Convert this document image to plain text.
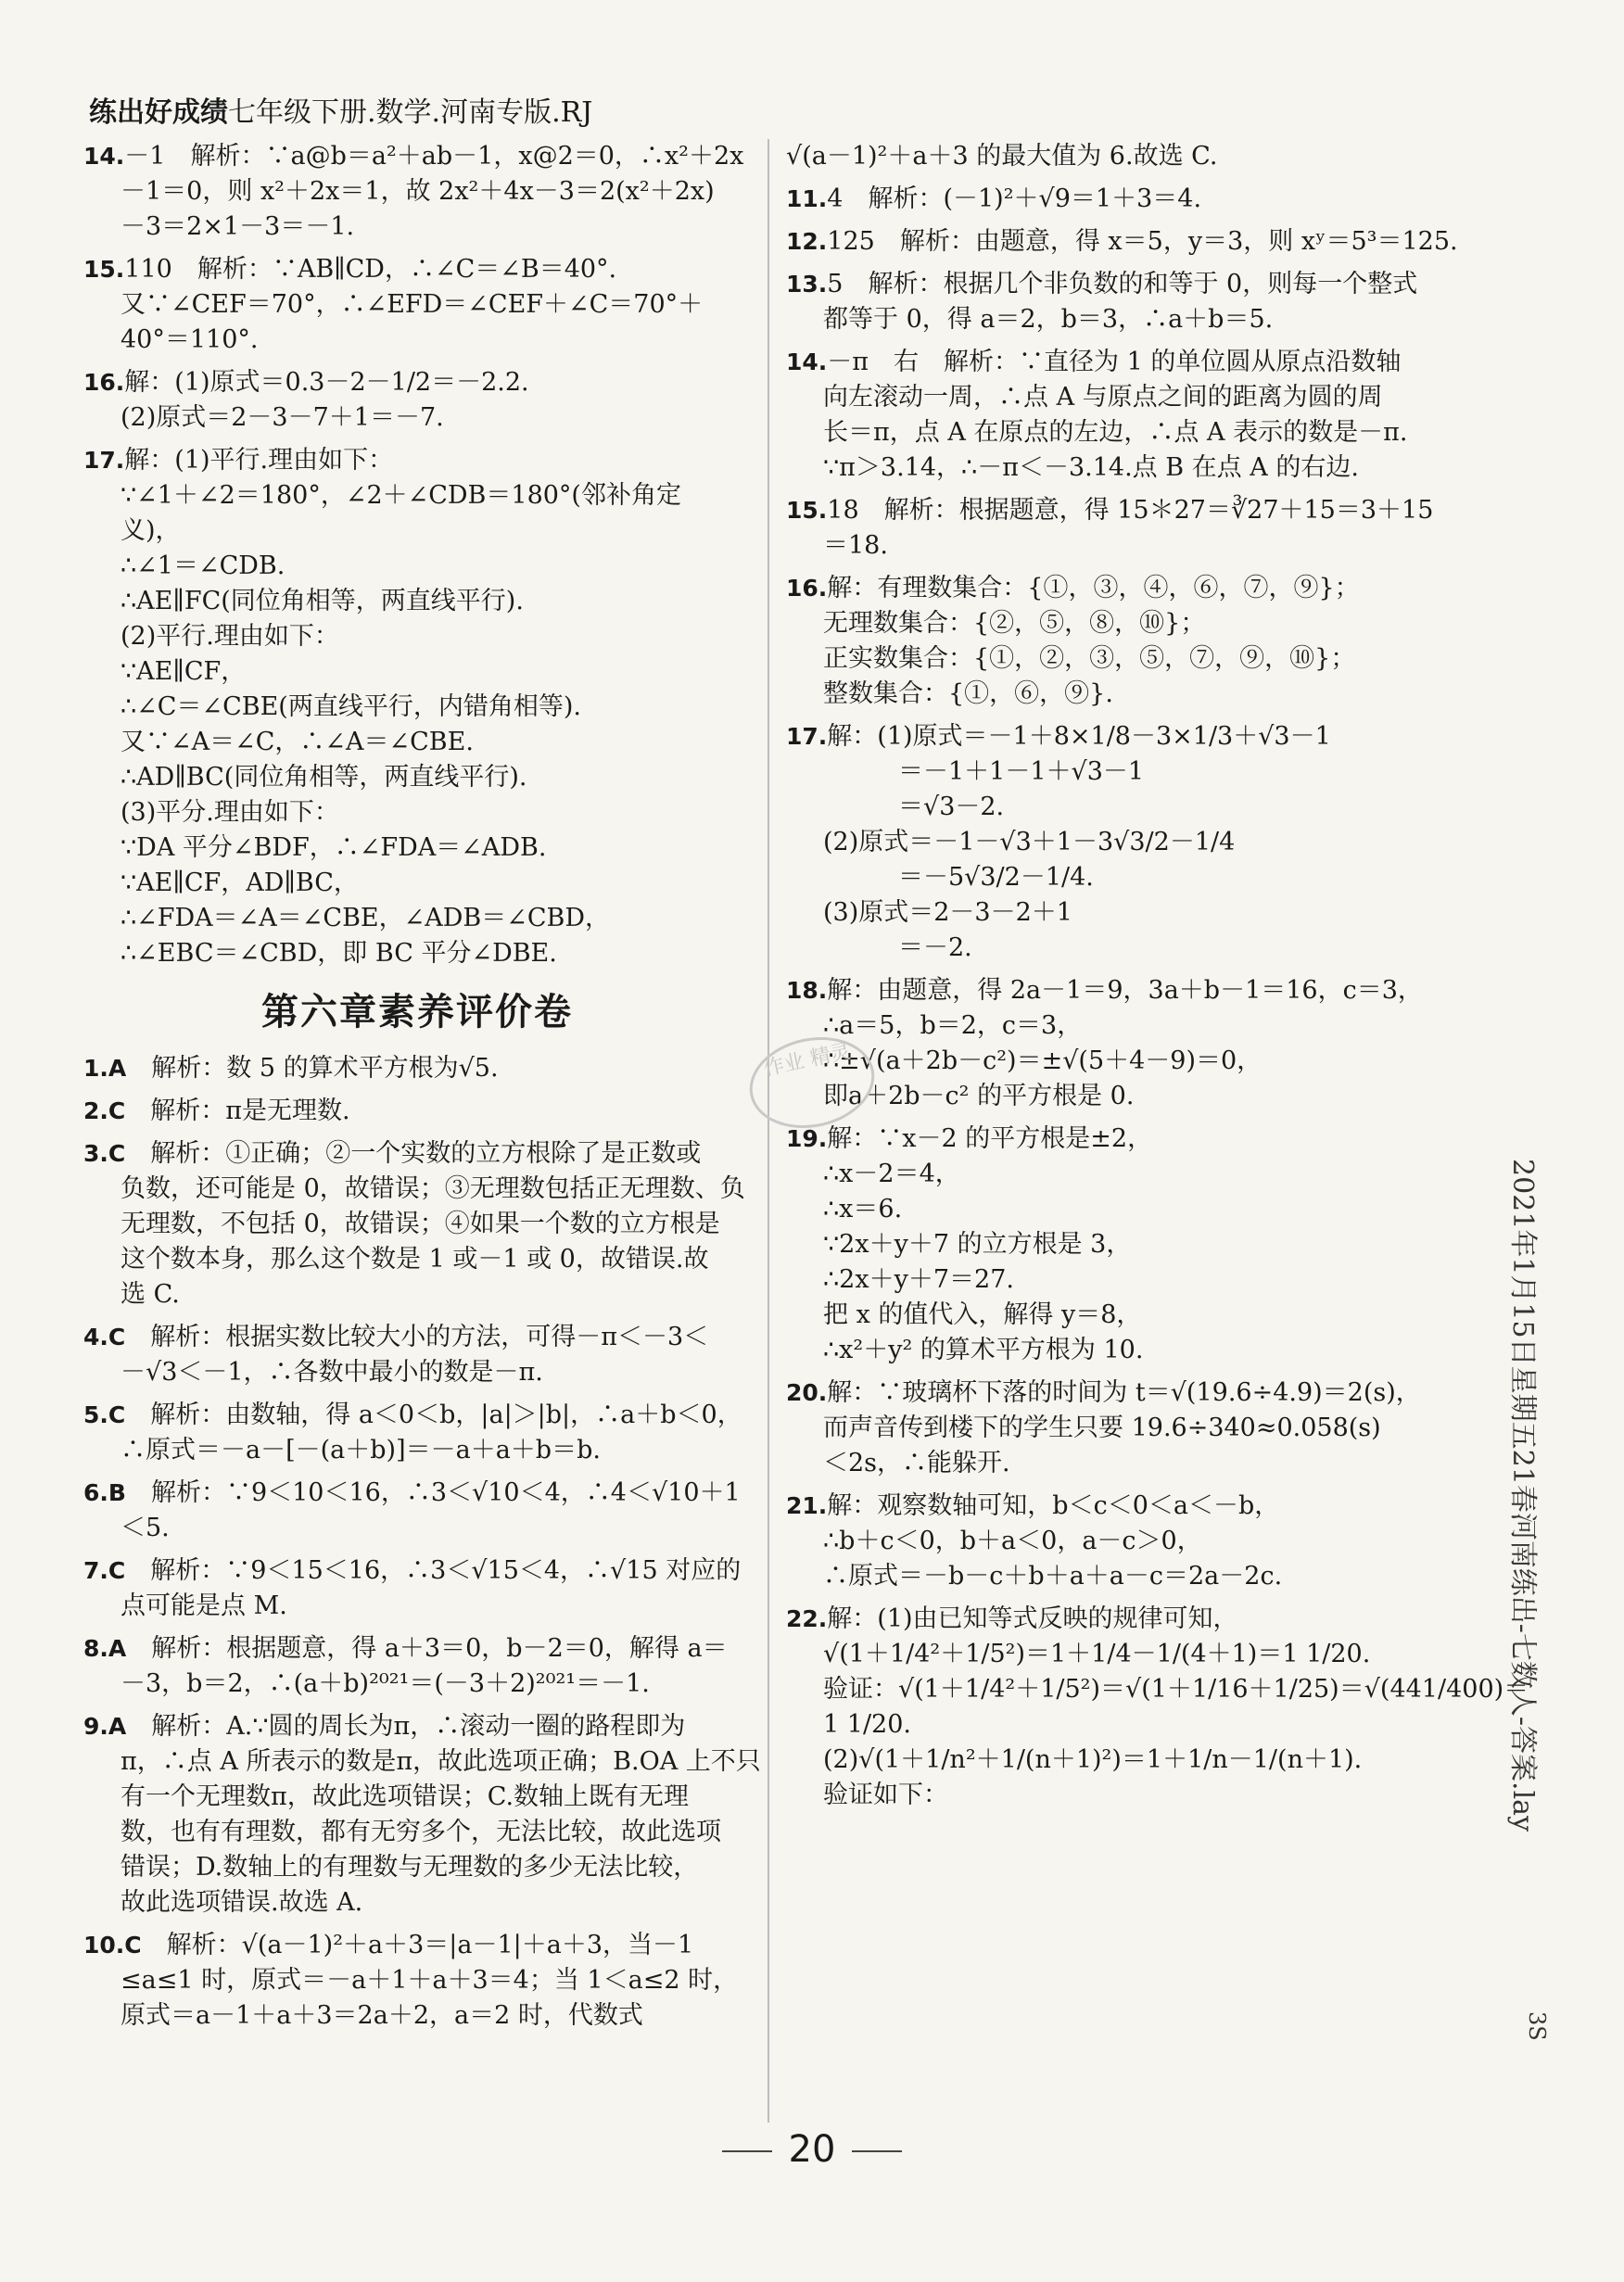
练出好成绩七年级下册.数学.河南专版.RJ
14.－1　解析：∵a@b＝a²＋ab－1，x@2＝0，∴x²＋2x
－1＝0，则 x²＋2x＝1，故 2x²＋4x－3＝2(x²＋2x)
－3＝2×1－3＝－1.
15.110　解析：∵AB∥CD，∴∠C＝∠B＝40°.
又∵∠CEF＝70°，∴∠EFD＝∠CEF＋∠C＝70°＋
40°＝110°.
16.解：(1)原式＝0.3－2－1/2＝－2.2.
(2)原式＝2－3－7＋1＝－7.
17.解：(1)平行.理由如下：
∵∠1＋∠2＝180°，∠2＋∠CDB＝180°(邻补角定
义)，
∴∠1＝∠CDB.
∴AE∥FC(同位角相等，两直线平行).
(2)平行.理由如下：
∵AE∥CF，
∴∠C＝∠CBE(两直线平行，内错角相等).
又∵∠A＝∠C，∴∠A＝∠CBE.
∴AD∥BC(同位角相等，两直线平行).
(3)平分.理由如下：
∵DA 平分∠BDF，∴∠FDA＝∠ADB.
∵AE∥CF，AD∥BC，
∴∠FDA＝∠A＝∠CBE，∠ADB＝∠CBD，
∴∠EBC＝∠CBD，即 BC 平分∠DBE.
第六章素养评价卷
1.A　解析：数 5 的算术平方根为√5.
2.C　解析：π是无理数.
3.C　解析：①正确；②一个实数的立方根除了是正数或
负数，还可能是 0，故错误；③无理数包括正无理数、负
无理数，不包括 0，故错误；④如果一个数的立方根是
这个数本身，那么这个数是 1 或－1 或 0，故错误.故
选 C.
4.C　解析：根据实数比较大小的方法，可得－π＜－3＜
－√3＜－1，∴各数中最小的数是－π.
5.C　解析：由数轴，得 a＜0＜b，|a|＞|b|，∴a＋b＜0，
∴原式＝－a－[－(a＋b)]＝－a＋a＋b＝b.
6.B　解析：∵9＜10＜16，∴3＜√10＜4，∴4＜√10＋1
＜5.
7.C　解析：∵9＜15＜16，∴3＜√15＜4，∴√15 对应的
点可能是点 M.
8.A　解析：根据题意，得 a＋3＝0，b－2＝0，解得 a＝
－3，b＝2，∴(a＋b)²⁰²¹＝(－3＋2)²⁰²¹＝－1.
9.A　解析：A.∵圆的周长为π，∴滚动一圈的路程即为
π，∴点 A 所表示的数是π，故此选项正确；B.OA 上不只
有一个无理数π，故此选项错误；C.数轴上既有无理
数，也有有理数，都有无穷多个，无法比较，故此选项
错误；D.数轴上的有理数与无理数的多少无法比较，
故此选项错误.故选 A.
10.C　解析：√(a－1)²＋a＋3＝|a－1|＋a＋3，当－1
≤a≤1 时，原式＝－a＋1＋a＋3＝4；当 1＜a≤2 时，
原式＝a－1＋a＋3＝2a＋2，a＝2 时，代数式
√(a－1)²＋a＋3 的最大值为 6.故选 C.
11.4　解析：(－1)²＋√9＝1＋3＝4.
12.125　解析：由题意，得 x＝5，y＝3，则 xʸ＝5³＝125.
13.5　解析：根据几个非负数的和等于 0，则每一个整式
都等于 0，得 a＝2，b＝3，∴a＋b＝5.
14.－π　右　解析：∵直径为 1 的单位圆从原点沿数轴
向左滚动一周，∴点 A 与原点之间的距离为圆的周
长＝π，点 A 在原点的左边，∴点 A 表示的数是－π.
∵π＞3.14，∴－π＜－3.14.点 B 在点 A 的右边.
15.18　解析：根据题意，得 15＊27＝∛27＋15＝3＋15
＝18.
16.解：有理数集合：{①，③，④，⑥，⑦，⑨}；
无理数集合：{②，⑤，⑧，⑩}；
正实数集合：{①，②，③，⑤，⑦，⑨，⑩}；
整数集合：{①，⑥，⑨}.
17.解：(1)原式＝－1＋8×1/8－3×1/3＋√3－1
　　　＝－1＋1－1＋√3－1
　　　＝√3－2.
(2)原式＝－1－√3＋1－3√3/2－1/4
　　　＝－5√3/2－1/4.
(3)原式＝2－3－2＋1
　　　＝－2.
18.解：由题意，得 2a－1＝9，3a＋b－1＝16，c＝3，
∴a＝5，b＝2，c＝3，
∴±√(a＋2b－c²)＝±√(5＋4－9)＝0，
即a＋2b－c² 的平方根是 0.
19.解：∵x－2 的平方根是±2，
∴x－2＝4，
∴x＝6.
∵2x＋y＋7 的立方根是 3，
∴2x＋y＋7＝27.
把 x 的值代入，解得 y＝8，
∴x²＋y² 的算术平方根为 10.
20.解：∵玻璃杯下落的时间为 t＝√(19.6÷4.9)＝2(s)，
而声音传到楼下的学生只要 19.6÷340≈0.058(s)
＜2s，∴能躲开.
21.解：观察数轴可知，b＜c＜0＜a＜－b，
∴b＋c＜0，b＋a＜0，a－c＞0，
∴原式＝－b－c＋b＋a＋a－c＝2a－2c.
22.解：(1)由已知等式反映的规律可知，
√(1＋1/4²＋1/5²)＝1＋1/4－1/(4＋1)＝1 1/20.
验证：√(1＋1/4²＋1/5²)＝√(1＋1/16＋1/25)＝√(441/400)＝
1 1/20.
(2)√(1＋1/n²＋1/(n＋1)²)＝1＋1/n－1/(n＋1).
验证如下：
作业 精灵
20
2021年1月15日星期五21春河南练出-七数人-答案.lay
3S
